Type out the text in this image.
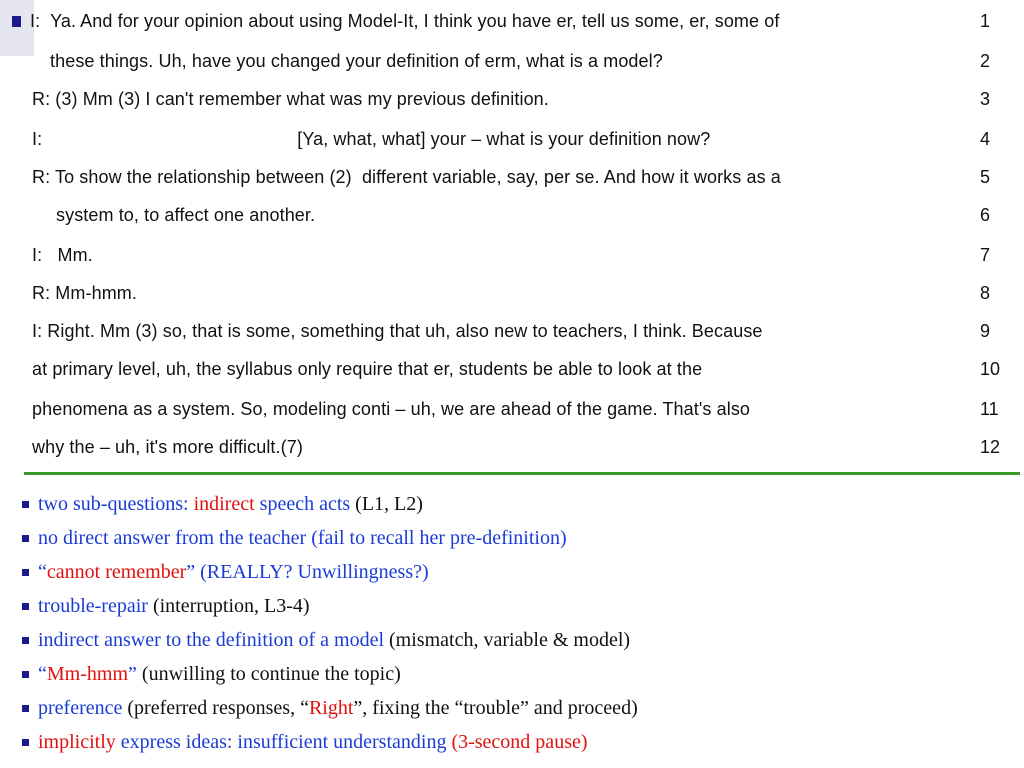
I:  Ya. And for your opinion about using Model-It, I think you have er, tell us some, er, some of	1
these things. Uh, have you changed your definition of erm, what is a model?	2
R: (3) Mm (3) I can't remember what was my previous definition.	3
I:                                                  [Ya, what, what] your – what is your definition now?	4
R: To show the relationship between (2)  different variable, say, per se. And how it works as a	5
system to, to affect one another.	6
I:   Mm.	7
R: Mm-hmm.	8
I: Right. Mm (3) so, that is some, something that uh, also new to teachers, I think. Because	9
at primary level, uh, the syllabus only require that er, students be able to look at the	10
phenomena as a system. So, modeling conti – uh, we are ahead of the game. That's also	11
why the – uh, it's more difficult.(7)	12
two sub-questions: indirect speech acts (L1, L2)
no direct answer from the teacher (fail to recall her pre-definition)
“cannot remember” (REALLY? Unwillingness?)
trouble-repair (interruption, L3-4)
indirect answer to the definition of a model (mismatch, variable & model)
“Mm-hmm” (unwilling to continue the topic)
preference (preferred responses, “Right”, fixing the “trouble” and proceed)
implicitly express ideas: insufficient understanding (3-second pause)
